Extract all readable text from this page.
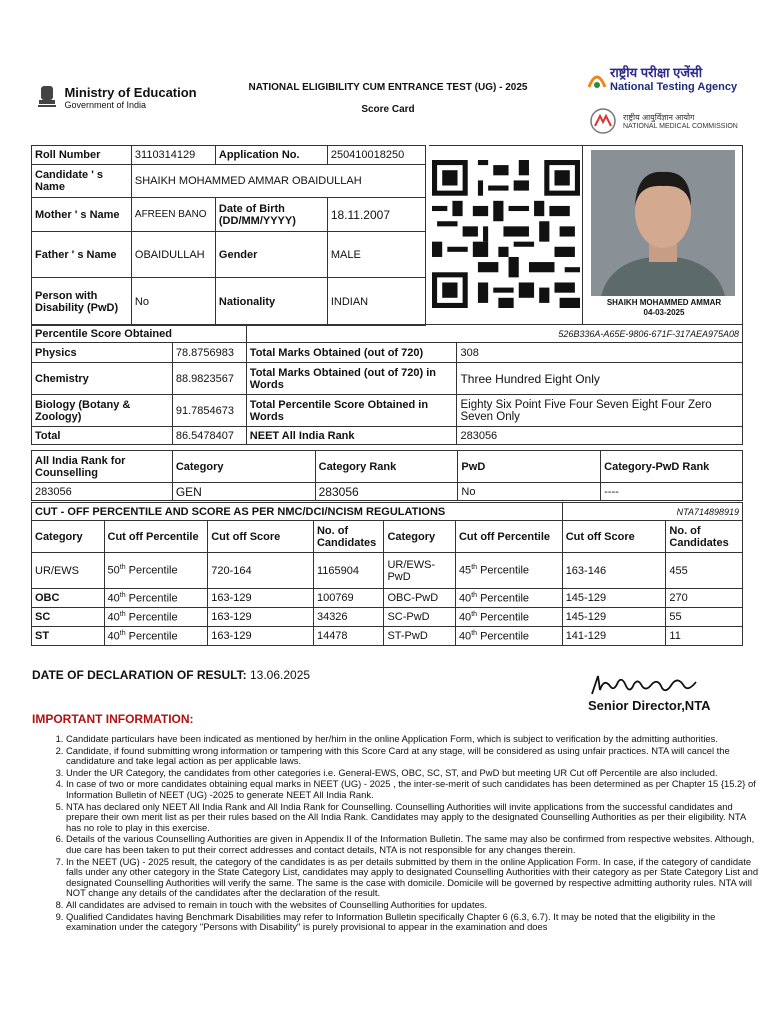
Ministry of Education
Government of India
NATIONAL ELIGIBILITY CUM ENTRANCE TEST (UG) - 2025
Score Card
राष्ट्रीय परीक्षा एजेंसी
National Testing Agency
राष्ट्रीय आयुर्विज्ञान आयोग
NATIONAL MEDICAL COMMISSION
Roll Number	3110314129	Application No.	250410018250	
Candidate ' s Name	SHAIKH MOHAMMED AMMAR OBAIDULLAH			
Mother ' s Name	AFREEN BANO	Date of Birth (DD/MM/YYYY)	18.11.2007	
Father ' s Name	OBAIDULLAH	Gender	MALE	
Person with Disability (PwD)	No	Nationality	INDIAN		SHAIKH MOHAMMED AMMAR
04-03-2025
Percentile Score Obtained		526B336A-A65E-9806-671F-317AEA975A08	
Physics	78.8756983	Total Marks Obtained (out of 720)	308
Chemistry	88.9823567	Total Marks Obtained (out of 720) in Words	Three Hundred Eight Only
Biology (Botany & Zoology)	91.7854673	Total Percentile Score Obtained in Words	Eighty Six Point Five Four Seven Eight Four Zero Seven Only
Total	86.5478407	NEET All India Rank	283056
All India Rank for Counselling	Category	Category Rank	PwD	Category-PwD Rank
283056	GEN	283056	No	----
CUT - OFF PERCENTILE AND SCORE AS PER NMC/DCI/NCISM REGULATIONS						NTA714898919	
Category	Cut off Percentile	Cut off Score	No. of Candidates	Category	Cut off Percentile	Cut off Score	No. of Candidates
UR/EWS	50th Percentile	720-164	1165904	UR/EWS-PwD	45th Percentile	163-146	455
OBC	40th Percentile	163-129	100769	OBC-PwD	40th Percentile	145-129	270
SC	40th Percentile	163-129	34326	SC-PwD	40th Percentile	145-129	55
ST	40th Percentile	163-129	14478	ST-PwD	40th Percentile	141-129	11
DATE OF DECLARATION OF RESULT: 13.06.2025
Senior Director,NTA
IMPORTANT INFORMATION:
1. Candidate particulars have been indicated as mentioned by her/him in the online Application Form, which is subject to verification by the admitting authorities.
2. Candidate, if found submitting wrong information or tampering with this Score Card at any stage, will be considered as using unfair practices. NTA will cancel the candidature and take legal action as per applicable laws.
3. Under the UR Category, the candidates from other categories i.e. General-EWS, OBC, SC, ST, and PwD but meeting UR Cut off Percentile are also included.
4. In case of two or more candidates obtaining equal marks in NEET (UG) - 2025 , the inter-se-merit of such candidates has been determined as per Chapter 15 {15.2} of Information Bulletin of NEET (UG) -2025 to generate NEET All India Rank.
5. NTA has declared only NEET All India Rank and All India Rank for Counselling. Counselling Authorities will invite applications from the successful candidates and prepare their own merit list as per their rules based on the All India Rank. Candidates may apply to the designated Counselling Authorities as per their eligibility. NTA has no role to play in this exercise.
6. Details of the various Counselling Authorities are given in Appendix II of the Information Bulletin. The same may also be confirmed from respective websites. Although, due care has been taken to put their correct addresses and contact details, NTA is not responsible for any changes therein.
7. In the NEET (UG) - 2025 result, the category of the candidates is as per details submitted by them in the online Application Form. In case, if the category of candidate falls under any other category in the State Category List, candidates may apply to designated Counselling Authorities with their category as per State Category List and designated Counselling Authorities will verify the same. The same is the case with domicile. Domicile will be governed by respective admitting authority rules. NTA will NOT change any details of the candidates after the declaration of the result.
8. All candidates are advised to remain in touch with the websites of Counselling Authorities for updates.
9. Qualified Candidates having Benchmark Disabilities may refer to Information Bulletin specifically Chapter 6 (6.3, 6.7). It may be noted that the eligibility in the examination under the category "Persons with Disability" is purely provisional to appear in the examination and does
